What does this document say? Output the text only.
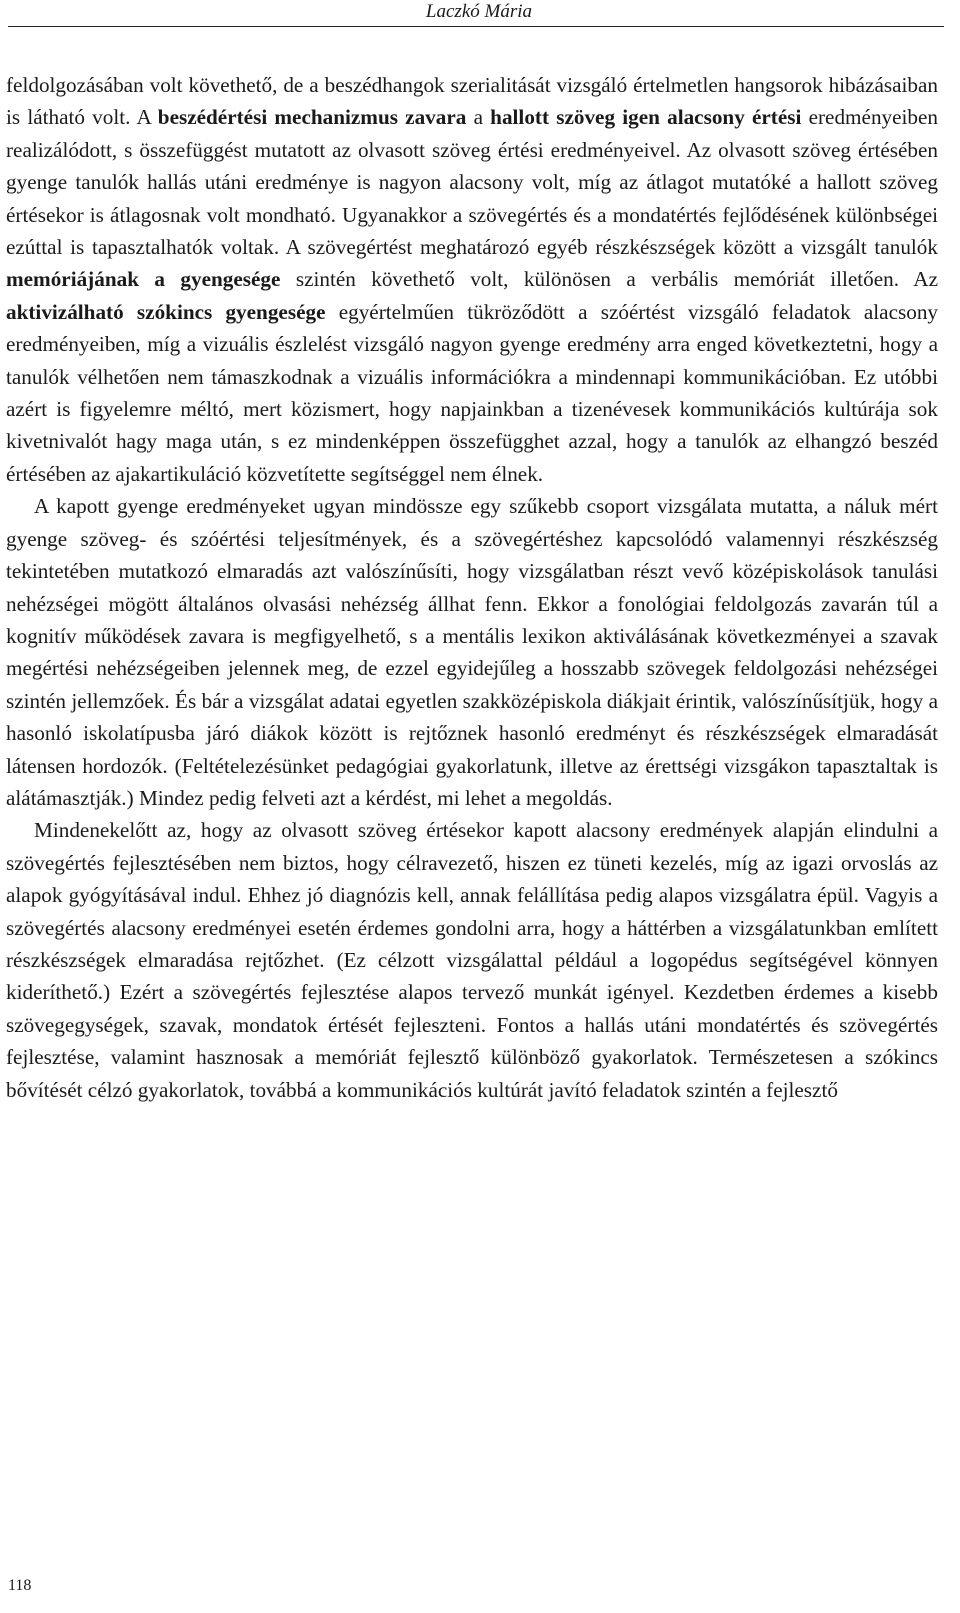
Laczkó Mária

feldolgozásában volt követhető, de a beszédhangok szerialitását vizsgáló értelmetlen hangsorok hibázásaiban is látható volt. A beszédértési mechanizmus zavara a hallott szöveg igen alacsony értési eredményeiben realizálódott, s összefüggést mutatott az olvasott szöveg értési eredményeivel. Az olvasott szöveg értésében gyenge tanulók hallás utáni eredménye is nagyon alacsony volt, míg az átlagot mutatóké a hallott szöveg értésekor is átlagosnak volt mondható. Ugyanakkor a szövegértés és a mondatértés fejlődésének különbségei ezúttal is tapasztalhatók voltak. A szövegértést meghatározó egyéb részkészségek között a vizsgált tanulók memóriájának a gyengesége szintén követhető volt, különösen a verbális memóriát illetően. Az aktivizálható szókincs gyengesége egyértelműen tükröződött a szóértést vizsgáló feladatok alacsony eredményeiben, míg a vizuális észlelést vizsgáló nagyon gyenge eredmény arra enged következtetni, hogy a tanulók vélhetően nem támaszkodnak a vizuális információkra a mindennapi kommunikációban. Ez utóbbi azért is figyelemre méltó, mert közismert, hogy napjainkban a tizenévesek kommunikációs kultúrája sok kivetnivalót hagy maga után, s ez mindenképpen összefügghet azzal, hogy a tanulók az elhangzó beszéd értésében az ajakartikuláció közvetítette segítséggel nem élnek.

A kapott gyenge eredményeket ugyan mindössze egy szűkebb csoport vizsgálata mutatta, a náluk mért gyenge szöveg- és szóértési teljesítmények, és a szövegértéshez kapcsolódó valamennyi részkészség tekintetében mutatkozó elmaradás azt valószínűsíti, hogy vizsgálatban részt vevő középiskolások tanulási nehézségei mögött általános olvasási nehézség állhat fenn. Ekkor a fonológiai feldolgozás zavarán túl a kognitív működések zavara is megfigyelhető, s a mentális lexikon aktiválásának következményei a szavak megértési nehézségeiben jelennek meg, de ezzel egyidejűleg a hosszabb szövegek feldolgozási nehézségei szintén jellemzőek. És bár a vizsgálat adatai egyetlen szakközépiskola diákjait érintik, valószínűsítjük, hogy a hasonló iskolatípusba járó diákok között is rejtőznek hasonló eredményt és részkészségek elmaradását látensen hordozók. (Feltételezésünket pedagógiai gyakorlatunk, illetve az érettségi vizsgákon tapasztaltak is alátámasztják.) Mindez pedig felveti azt a kérdést, mi lehet a megoldás.

Mindenekelőtt az, hogy az olvasott szöveg értésekor kapott alacsony eredmények alapján elindulni a szövegértés fejlesztésében nem biztos, hogy célravezető, hiszen ez tüneti kezelés, míg az igazi orvoslás az alapok gyógyításával indul. Ehhez jó diagnózis kell, annak felállítása pedig alapos vizsgálatra épül. Vagyis a szövegértés alacsony eredményei esetén érdemes gondolni arra, hogy a háttérben a vizsgálatunkban említett részkészségek elmaradása rejtőzhet. (Ez célzott vizsgálattal például a logopédus segítségével könnyen kideríthető.) Ezért a szövegértés fejlesztése alapos tervező munkát igényel. Kezdetben érdemes a kisebb szövegegységek, szavak, mondatok értését fejleszteni. Fontos a hallás utáni mondatértés és szövegértés fejlesztése, valamint hasznosak a memóriát fejlesztő különböző gyakorlatok. Természetesen a szókincs bővítését célzó gyakorlatok, továbbá a kommunikációs kultúrát javító feladatok szintén a fejlesztő

118
